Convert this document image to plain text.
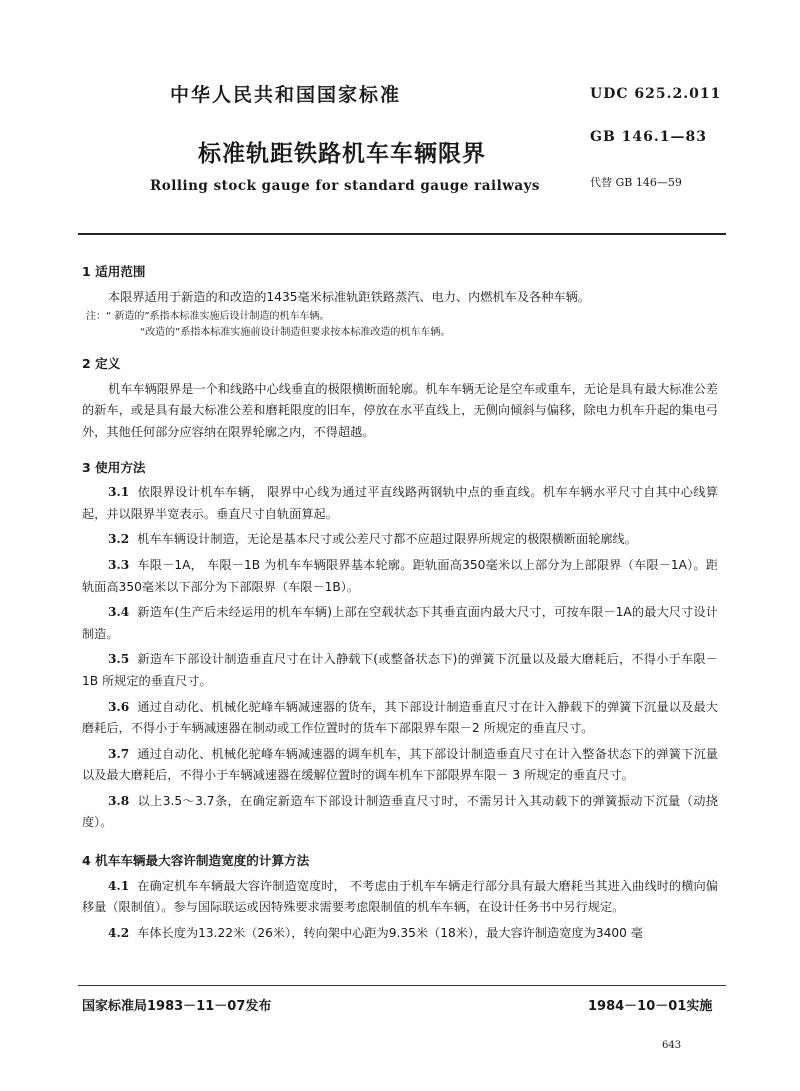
中华人民共和国国家标准	UDC 625.2.011
标准轨距铁路机车车辆限界
GB 146.1—83
Rolling stock gauge for standard gauge railways	代替 GB 146—59
1 适用范围

本限界适用于新造的和改造的1435毫米标准轨距铁路蒸汽、电力、内燃机车及各种车辆。

注：“ 新造的”系指本标准实施后设计制造的机车车辆。
“改造的”系指本标准实施前设计制造但要求按本标准改造的机车车辆。
2 定义

机车车辆限界是一个和线路中心线垂直的极限横断面轮廓。机车车辆无论是空车或重车，无论是具有最大标准公差的新车，或是具有最大标准公差和磨耗限度的旧车，停放在水平直线上，无侧向倾斜与偏移，除电力机车升起的集电弓外，其他任何部分应容纳在限界轮廓之内，不得超越。

3 使用方法

3.1 依限界设计机车车辆， 限界中心线为通过平直线路两钢轨中点的垂直线。机车车辆水平尺寸自其中心线算起，并以限界半宽表示。垂直尺寸自轨面算起。

3.2 机车车辆设计制造，无论是基本尺寸或公差尺寸都不应超过限界所规定的极限横断面轮廓线。

3.3 车限－1A， 车限－1B 为机车车辆限界基本轮廓。距轨面高350毫米以上部分为上部限界（车限－1A）。距轨面高350毫米以下部分为下部限界（车限－1B）。

3.4 新造车(生产后未经运用的机车车辆)上部在空载状态下其垂直面内最大尺寸，可按车限－1A的最大尺寸设计制造。

3.5 新造车下部设计制造垂直尺寸在计入静载下(或整备状态下)的弹簧下沉量以及最大磨耗后，不得小于车限－1B 所规定的垂直尺寸。

3.6 通过自动化、机械化驼峰车辆减速器的货车，其下部设计制造垂直尺寸在计入静载下的弹簧下沉量以及最大磨耗后，不得小于车辆减速器在制动或工作位置时的货车下部限界车限－2 所规定的垂直尺寸。

3.7 通过自动化、机械化驼峰车辆减速器的调车机车，其下部设计制造垂直尺寸在计入整备状态下的弹簧下沉量以及最大磨耗后，不得小于车辆减速器在缓解位置时的调车机车下部限界车限－ 3 所规定的垂直尺寸。

3.8 以上3.5～3.7条，在确定新造车下部设计制造垂直尺寸时，不需另计入其动载下的弹簧振动下沉量（动挠度）。

4 机车车辆最大容许制造宽度的计算方法

4.1 在确定机车车辆最大容许制造宽度时， 不考虑由于机车车辆走行部分具有最大磨耗当其进入曲线时的横向偏移量（限制值）。参与国际联运或因特殊要求需要考虑限制值的机车车辆，在设计任务书中另行规定。

4.2 车体长度为13.22米（26米），转向架中心距为9.35米（18米），最大容许制造宽度为3400 毫

国家标准局1983－11－07发布	1984－10－01实施
643
